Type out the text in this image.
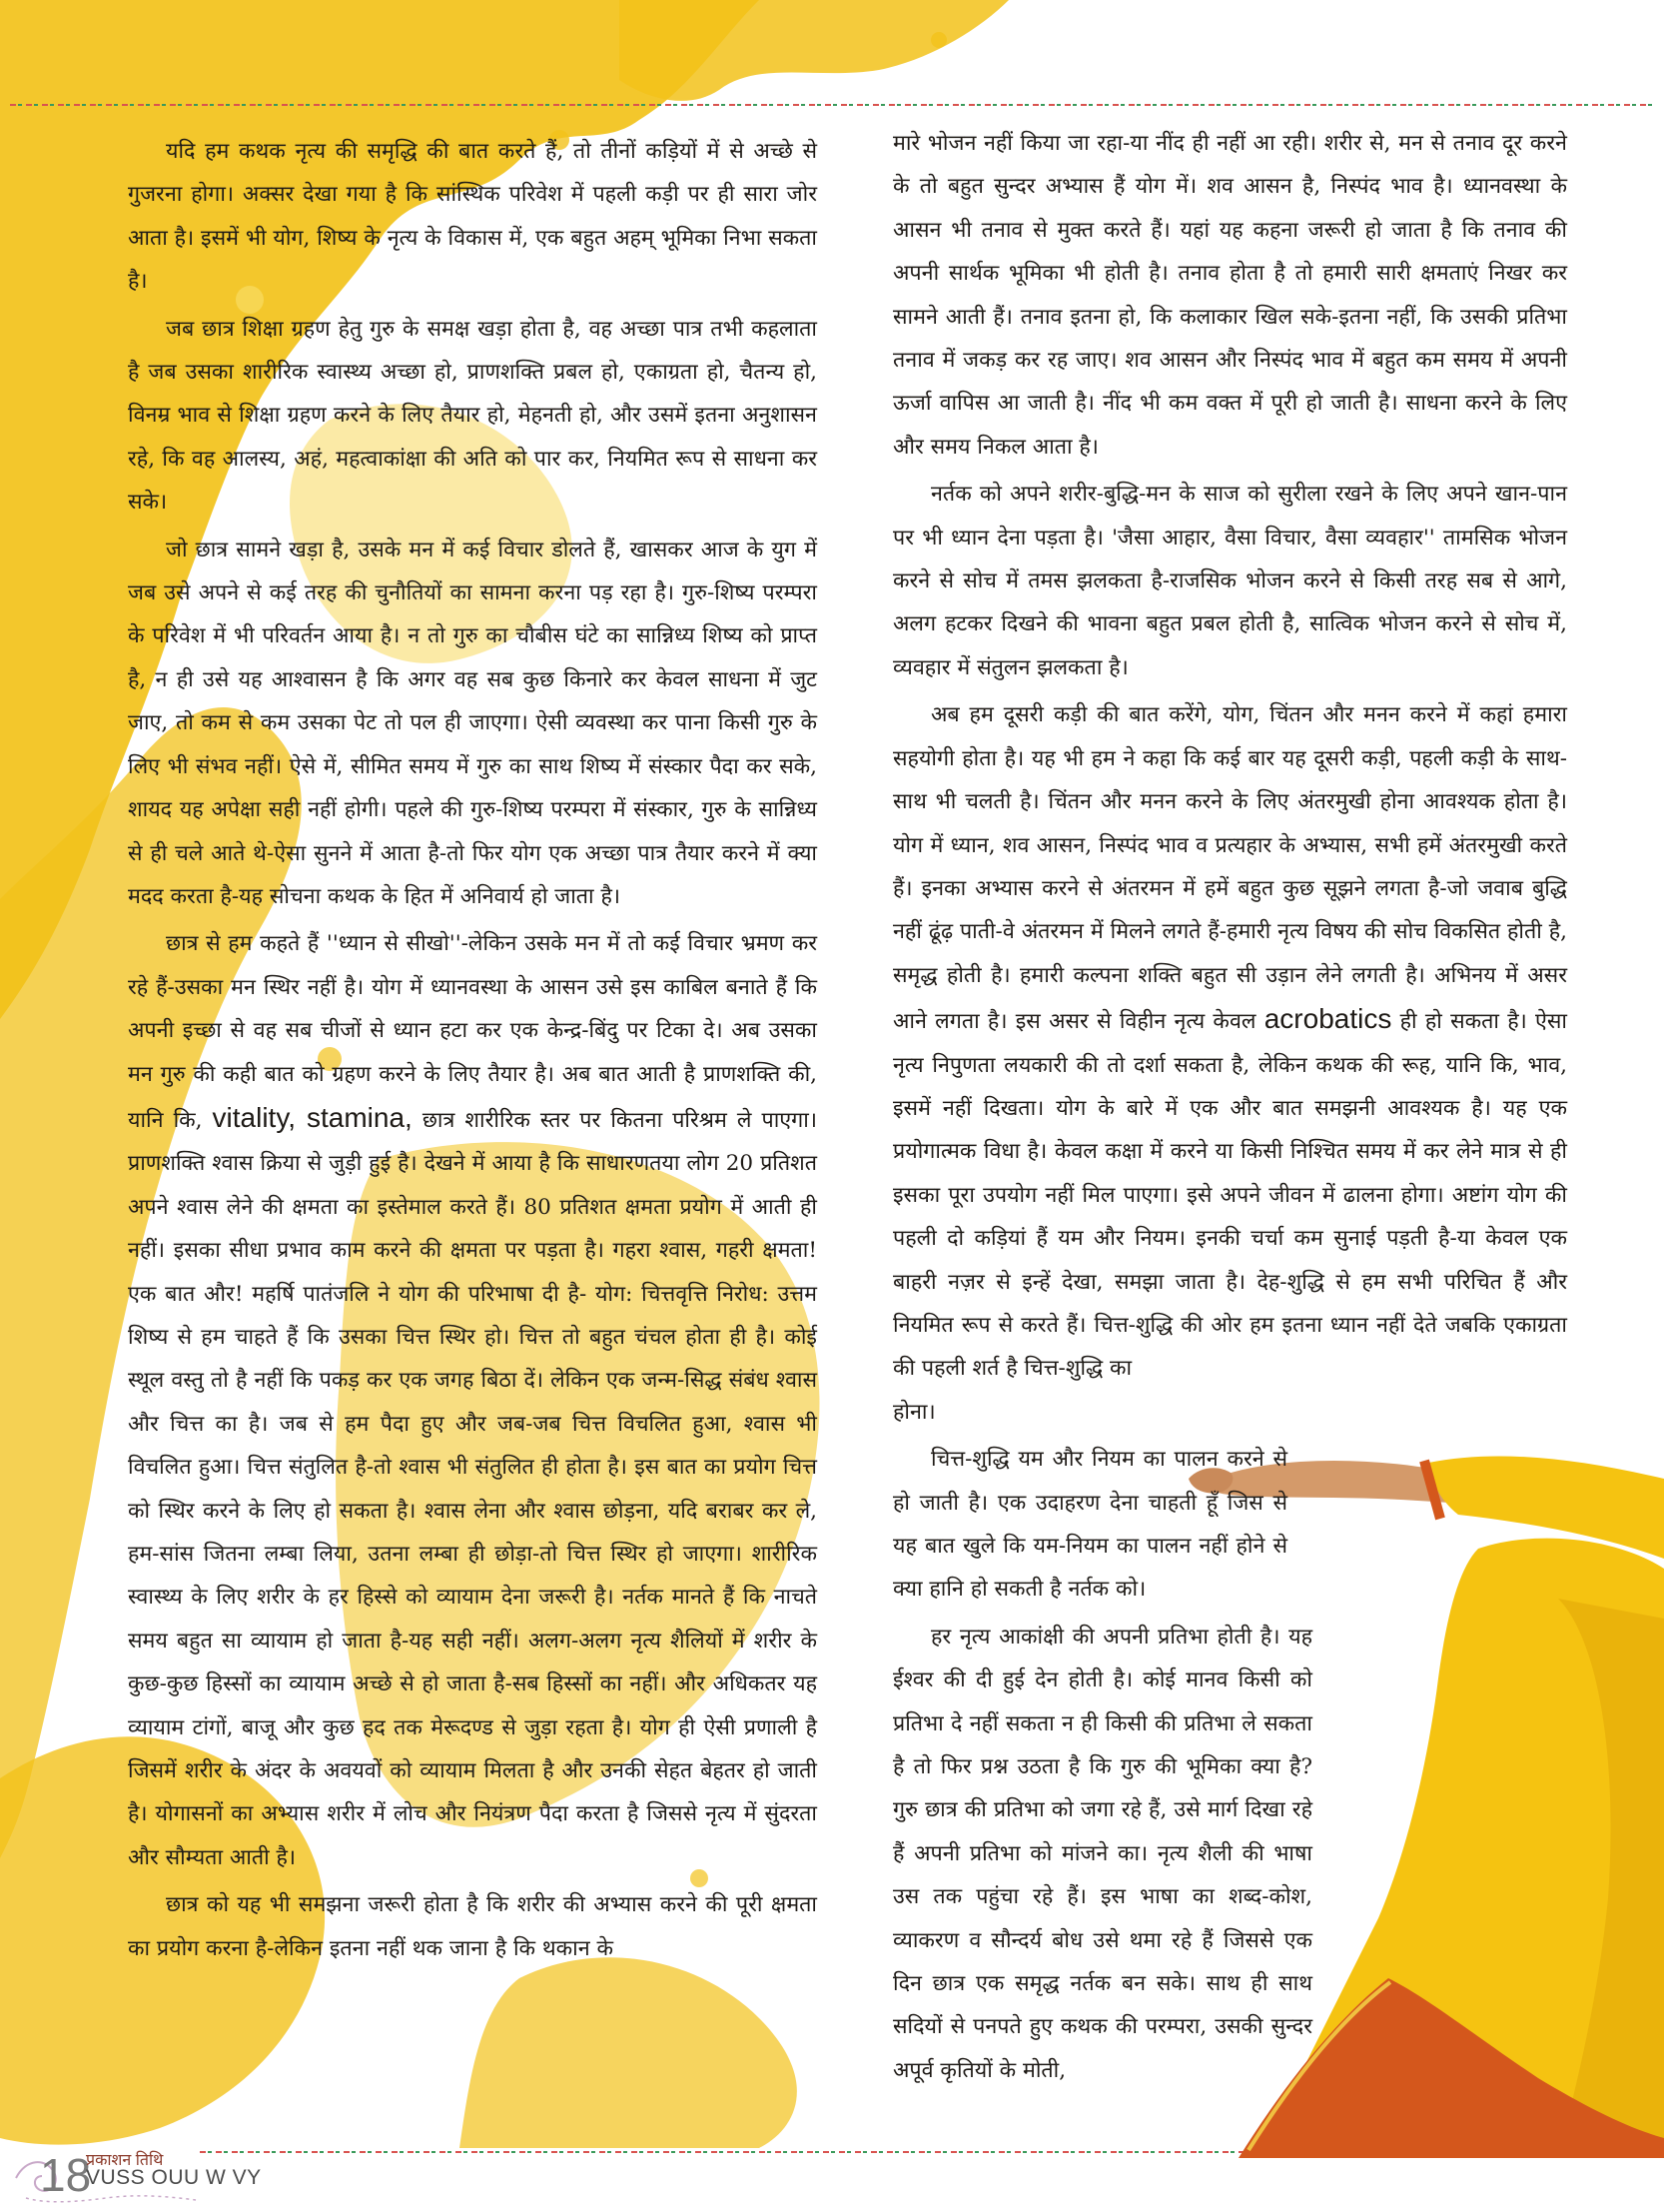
यदि हम कथक नृत्य की समृद्धि की बात करते हैं, तो तीनों कड़ियों में से अच्छे से गुजरना होगा। अक्सर देखा गया है कि सांस्थिक परिवेश में पहली कड़ी पर ही सारा जोर आता है। इसमें भी योग, शिष्य के नृत्य के विकास में, एक बहुत अहम् भूमिका निभा सकता है।

जब छात्र शिक्षा ग्रहण हेतु गुरु के समक्ष खड़ा होता है, वह अच्छा पात्र तभी कहलाता है जब उसका शारीरिक स्वास्थ्य अच्छा हो, प्राणशक्ति प्रबल हो, एकाग्रता हो, चैतन्य हो, विनम्र भाव से शिक्षा ग्रहण करने के लिए तैयार हो, मेहनती हो, और उसमें इतना अनुशासन रहे, कि वह आलस्य, अहं, महत्वाकांक्षा की अति को पार कर, नियमित रूप से साधना कर सके।

जो छात्र सामने खड़ा है, उसके मन में कई विचार डोलते हैं, खासकर आज के युग में जब उसे अपने से कई तरह की चुनौतियों का सामना करना पड़ रहा है। गुरु-शिष्य परम्परा के परिवेश में भी परिवर्तन आया है। न तो गुरु का चौबीस घंटे का सान्निध्य शिष्य को प्राप्त है, न ही उसे यह आश्वासन है कि अगर वह सब कुछ किनारे कर केवल साधना में जुट जाए, तो कम से कम उसका पेट तो पल ही जाएगा। ऐसी व्यवस्था कर पाना किसी गुरु के लिए भी संभव नहीं। ऐसे में, सीमित समय में गुरु का साथ शिष्य में संस्कार पैदा कर सके, शायद यह अपेक्षा सही नहीं होगी। पहले की गुरु-शिष्य परम्परा में संस्कार, गुरु के सान्निध्य से ही चले आते थे-ऐसा सुनने में आता है-तो फिर योग एक अच्छा पात्र तैयार करने में क्या मदद करता है-यह सोचना कथक के हित में अनिवार्य हो जाता है।

छात्र से हम कहते हैं ''ध्यान से सीखो''-लेकिन उसके मन में तो कई विचार भ्रमण कर रहे हैं-उसका मन स्थिर नहीं है। योग में ध्यानवस्था के आसन उसे इस काबिल बनाते हैं कि अपनी इच्छा से वह सब चीजों से ध्यान हटा कर एक केन्द्र-बिंदु पर टिका दे। अब उसका मन गुरु की कही बात को ग्रहण करने के लिए तैयार है। अब बात आती है प्राणशक्ति की, यानि कि, vitality, stamina, छात्र शारीरिक स्तर पर कितना परिश्रम ले पाएगा। प्राणशक्ति श्वास क्रिया से जुड़ी हुई है। देखने में आया है कि साधारणतया लोग 20 प्रतिशत अपने श्वास लेने की क्षमता का इस्तेमाल करते हैं। 80 प्रतिशत क्षमता प्रयोग में आती ही नहीं। इसका सीधा प्रभाव काम करने की क्षमता पर पड़ता है। गहरा श्वास, गहरी क्षमता! एक बात और! महर्षि पातंजलि ने योग की परिभाषा दी है- योग: चित्तवृत्ति निरोध: उत्तम शिष्य से हम चाहते हैं कि उसका चित्त स्थिर हो। चित्त तो बहुत चंचल होता ही है। कोई स्थूल वस्तु तो है नहीं कि पकड़ कर एक जगह बिठा दें। लेकिन एक जन्म-सिद्ध संबंध श्वास और चित्त का है। जब से हम पैदा हुए और जब-जब चित्त विचलित हुआ, श्वास भी विचलित हुआ। चित्त संतुलित है-तो श्वास भी संतुलित ही होता है। इस बात का प्रयोग चित्त को स्थिर करने के लिए हो सकता है। श्वास लेना और श्वास छोड़ना, यदि बराबर कर ले, हम-सांस जितना लम्बा लिया, उतना लम्बा ही छोड़ा-तो चित्त स्थिर हो जाएगा। शारीरिक स्वास्थ्य के लिए शरीर के हर हिस्से को व्यायाम देना जरूरी है। नर्तक मानते हैं कि नाचते समय बहुत सा व्यायाम हो जाता है-यह सही नहीं। अलग-अलग नृत्य शैलियों में शरीर के कुछ-कुछ हिस्सों का व्यायाम अच्छे से हो जाता है-सब हिस्सों का नहीं। और अधिकतर यह व्यायाम टांगों, बाजू और कुछ हद तक मेरूदण्ड से जुड़ा रहता है। योग ही ऐसी प्रणाली है जिसमें शरीर के अंदर के अवयवों को व्यायाम मिलता है और उनकी सेहत बेहतर हो जाती है। योगासनों का अभ्यास शरीर में लोच और नियंत्रण पैदा करता है जिससे नृत्य में सुंदरता और सौम्यता आती है।

छात्र को यह भी समझना जरूरी होता है कि शरीर की अभ्यास करने की पूरी क्षमता का प्रयोग करना है-लेकिन इतना नहीं थक जाना है कि थकान के

मारे भोजन नहीं किया जा रहा-या नींद ही नहीं आ रही। शरीर से, मन से तनाव दूर करने के तो बहुत सुन्दर अभ्यास हैं योग में। शव आसन है, निस्पंद भाव है। ध्यानवस्था के आसन भी तनाव से मुक्त करते हैं। यहां यह कहना जरूरी हो जाता है कि तनाव की अपनी सार्थक भूमिका भी होती है। तनाव होता है तो हमारी सारी क्षमताएं निखर कर सामने आती हैं। तनाव इतना हो, कि कलाकार खिल सके-इतना नहीं, कि उसकी प्रतिभा तनाव में जकड़ कर रह जाए। शव आसन और निस्पंद भाव में बहुत कम समय में अपनी ऊर्जा वापिस आ जाती है। नींद भी कम वक्त में पूरी हो जाती है। साधना करने के लिए और समय निकल आता है।

नर्तक को अपने शरीर-बुद्धि-मन के साज को सुरीला रखने के लिए अपने खान-पान पर भी ध्यान देना पड़ता है। 'जैसा आहार, वैसा विचार, वैसा व्यवहार'' तामसिक भोजन करने से सोच में तमस झलकता है-राजसिक भोजन करने से किसी तरह सब से आगे, अलग हटकर दिखने की भावना बहुत प्रबल होती है, सात्विक भोजन करने से सोच में, व्यवहार में संतुलन झलकता है।

अब हम दूसरी कड़ी की बात करेंगे, योग, चिंतन और मनन करने में कहां हमारा सहयोगी होता है। यह भी हम ने कहा कि कई बार यह दूसरी कड़ी, पहली कड़ी के साथ-साथ भी चलती है। चिंतन और मनन करने के लिए अंतरमुखी होना आवश्यक होता है। योग में ध्यान, शव आसन, निस्पंद भाव व प्रत्यहार के अभ्यास, सभी हमें अंतरमुखी करते हैं। इनका अभ्यास करने से अंतरमन में हमें बहुत कुछ सूझने लगता है-जो जवाब बुद्धि नहीं ढूंढ़ पाती-वे अंतरमन में मिलने लगते हैं-हमारी नृत्य विषय की सोच विकसित होती है, समृद्ध होती है। हमारी कल्पना शक्ति बहुत सी उड़ान लेने लगती है। अभिनय में असर आने लगता है। इस असर से विहीन नृत्य केवल acrobatics ही हो सकता है। ऐसा नृत्य निपुणता लयकारी की तो दर्शा सकता है, लेकिन कथक की रूह, यानि कि, भाव, इसमें नहीं दिखता। योग के बारे में एक और बात समझनी आवश्यक है। यह एक प्रयोगात्मक विधा है। केवल कक्षा में करने या किसी निश्चित समय में कर लेने मात्र से ही इसका पूरा उपयोग नहीं मिल पाएगा। इसे अपने जीवन में ढालना होगा। अष्टांग योग की पहली दो कड़ियां हैं यम और नियम। इनकी चर्चा कम सुनाई पड़ती है-या केवल एक बाहरी नज़र से इन्हें देखा, समझा जाता है। देह-शुद्धि से हम सभी परिचित हैं और नियमित रूप से करते हैं। चित्त-शुद्धि की ओर हम इतना ध्यान नहीं देते जबकि एकाग्रता की पहली शर्त है चित्त-शुद्धि का
होना।

चित्त-शुद्धि यम और नियम का पालन करने से हो जाती है। एक उदाहरण देना चाहती हूँ जिस से यह बात खुले कि यम-नियम का पालन नहीं होने से क्या हानि हो सकती है नर्तक को।

हर नृत्य आकांक्षी की अपनी प्रतिभा होती है। यह ईश्वर की दी हुई देन होती है। कोई मानव किसी को प्रतिभा दे नहीं सकता न ही किसी की प्रतिभा ले सकता है तो फिर प्रश्न उठता है कि गुरु की भूमिका क्या है? गुरु छात्र की प्रतिभा को जगा रहे हैं, उसे मार्ग दिखा रहे हैं अपनी प्रतिभा को मांजने का। नृत्य शैली की भाषा उस तक पहुंचा रहे हैं। इस भाषा का शब्द-कोश, व्याकरण व सौन्दर्य बोध उसे थमा रहे हैं जिससे एक दिन छात्र एक समृद्ध नर्तक बन सके। साथ ही साथ सदियों से पनपते हुए कथक की परम्परा, उसकी सुन्दर अपूर्व कृतियों के मोती,

18
प्रकाशन तिथि
VUSS OUU W VY
